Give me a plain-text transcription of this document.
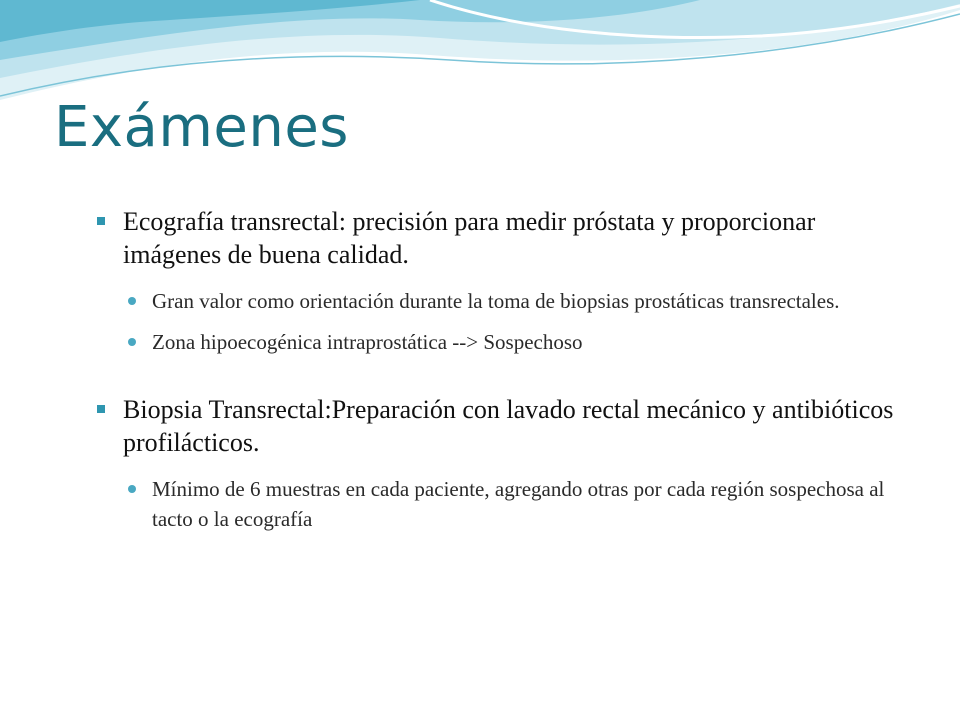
Exámenes

Ecografía transrectal: precisión para medir próstata y proporcionar imágenes de buena calidad.

Gran valor como orientación durante la toma de biopsias prostáticas transrectales.

Zona hipoecogénica intraprostática --> Sospechoso

Biopsia Transrectal:Preparación con lavado rectal mecánico y antibióticos profilácticos.

Mínimo de 6 muestras en cada paciente, agregando otras por cada región sospechosa al tacto o la ecografía
